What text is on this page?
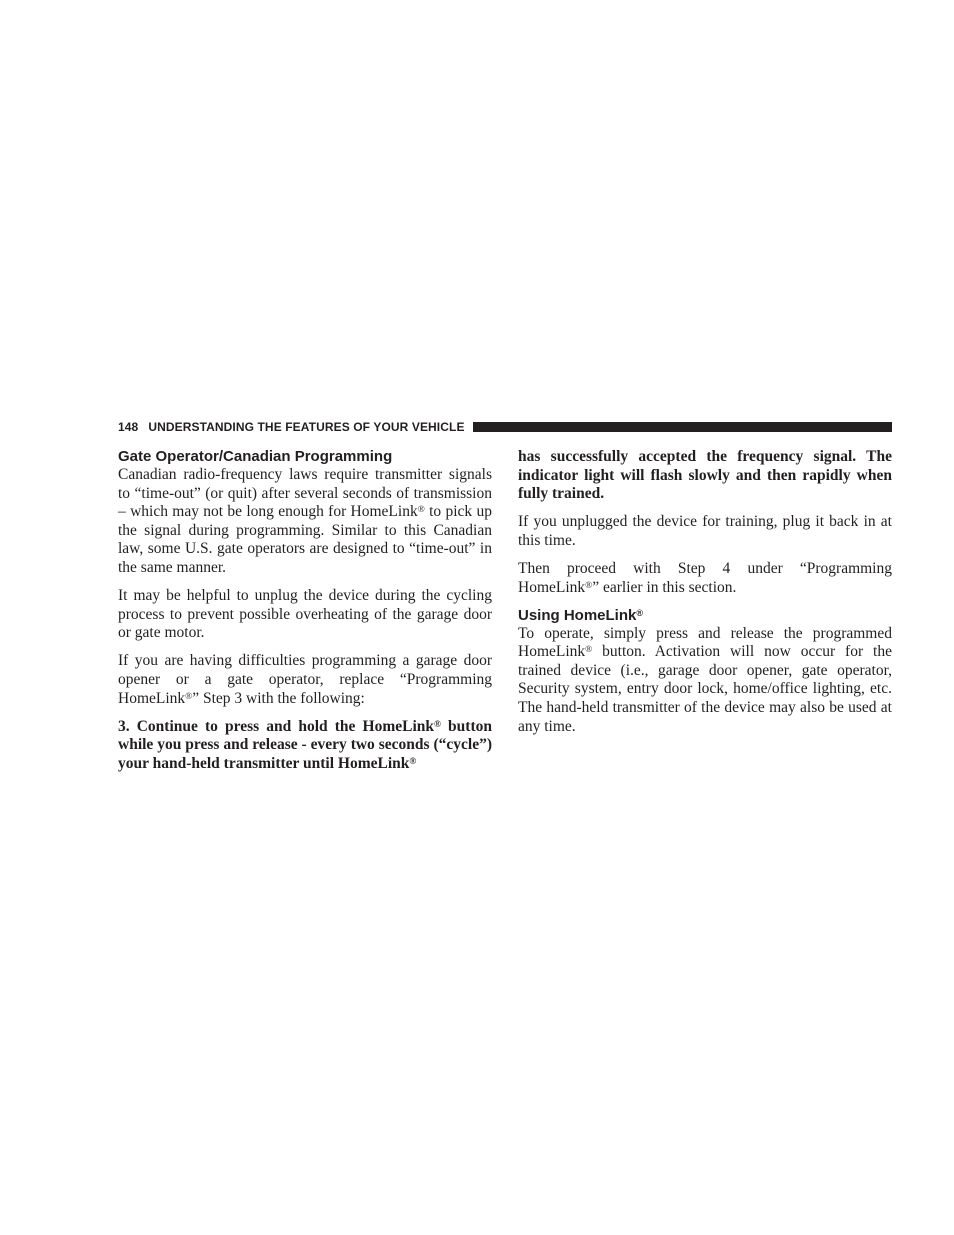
148 UNDERSTANDING THE FEATURES OF YOUR VEHICLE
Gate Operator/Canadian Programming

Canadian radio-frequency laws require transmitter signals to “time-out” (or quit) after several seconds of transmission – which may not be long enough for HomeLink® to pick up the signal during programming. Similar to this Canadian law, some U.S. gate operators are designed to “time-out” in the same manner.

It may be helpful to unplug the device during the cycling process to prevent possible overheating of the garage door or gate motor.

If you are having difficulties programming a garage door opener or a gate operator, replace “Programming HomeLink®” Step 3 with the following:

3. Continue to press and hold the HomeLink® button while you press and release - every two seconds (“cycle”) your hand-held transmitter until HomeLink®

has successfully accepted the frequency signal. The indicator light will flash slowly and then rapidly when fully trained.

If you unplugged the device for training, plug it back in at this time.

Then proceed with Step 4 under “Programming HomeLink®” earlier in this section.

Using HomeLink®

To operate, simply press and release the programmed HomeLink® button. Activation will now occur for the trained device (i.e., garage door opener, gate operator, Security system, entry door lock, home/office lighting, etc. The hand-held transmitter of the device may also be used at any time.
